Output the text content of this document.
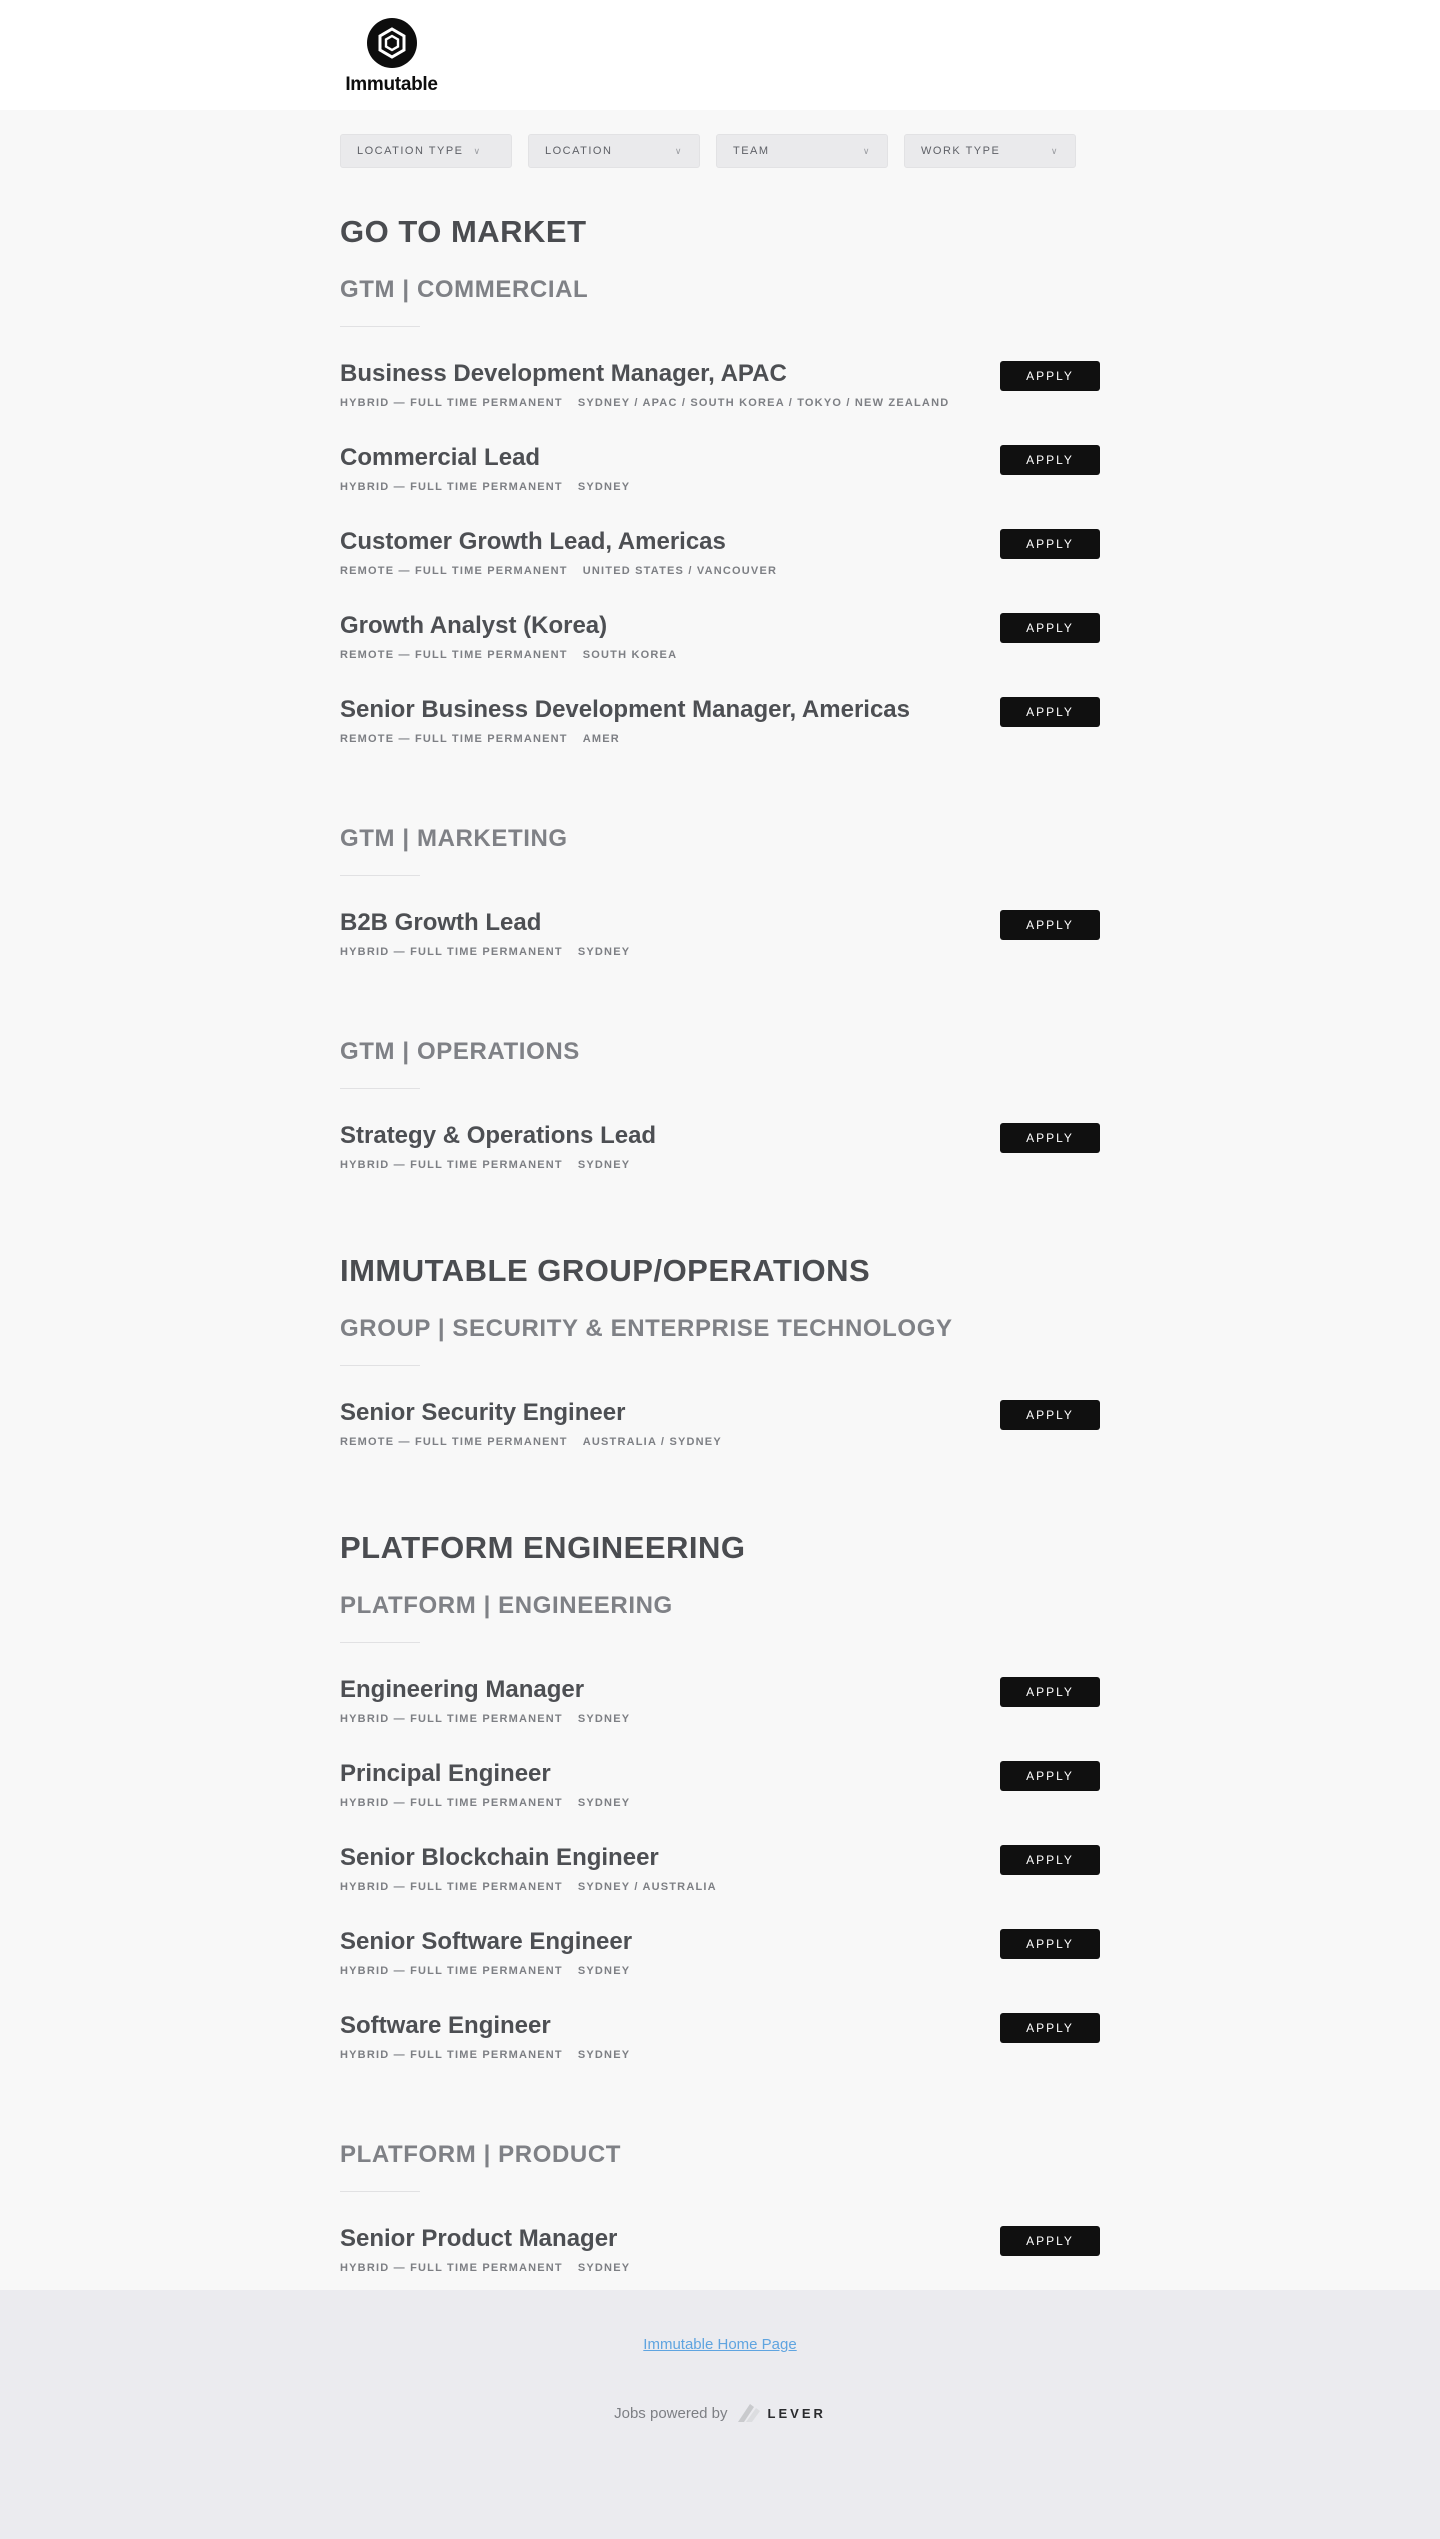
Immutable
LOCATION TYPE ∨	LOCATION	∨	TEAM	∨	WORK TYPE	∨
GO TO MARKET
GTM | COMMERCIAL
Business Development Manager, APAC
HYBRID — FULL TIME PERMANENT SYDNEY / APAC / SOUTH KOREA / TOKYO / NEW ZEALAND
APPLY
Commercial Lead
HYBRID — FULL TIME PERMANENT SYDNEY
APPLY
Customer Growth Lead, Americas
REMOTE — FULL TIME PERMANENT UNITED STATES / VANCOUVER
APPLY
Growth Analyst (Korea)
REMOTE — FULL TIME PERMANENT SOUTH KOREA
APPLY
Senior Business Development Manager, Americas
REMOTE — FULL TIME PERMANENT AMER
APPLY
GTM | MARKETING
B2B Growth Lead
HYBRID — FULL TIME PERMANENT SYDNEY
APPLY
GTM | OPERATIONS
Strategy & Operations Lead
HYBRID — FULL TIME PERMANENT SYDNEY
APPLY
IMMUTABLE GROUP/OPERATIONS
GROUP | SECURITY & ENTERPRISE TECHNOLOGY
Senior Security Engineer
REMOTE — FULL TIME PERMANENT AUSTRALIA / SYDNEY
APPLY
PLATFORM ENGINEERING
PLATFORM | ENGINEERING
Engineering Manager
HYBRID — FULL TIME PERMANENT SYDNEY
APPLY
Principal Engineer
HYBRID — FULL TIME PERMANENT SYDNEY
APPLY
Senior Blockchain Engineer
HYBRID — FULL TIME PERMANENT SYDNEY / AUSTRALIA
APPLY
Senior Software Engineer
HYBRID — FULL TIME PERMANENT SYDNEY
APPLY
Software Engineer
HYBRID — FULL TIME PERMANENT SYDNEY
APPLY
PLATFORM | PRODUCT
Senior Product Manager
HYBRID — FULL TIME PERMANENT SYDNEY
APPLY
Immutable Home Page
Jobs powered by	LEVER
